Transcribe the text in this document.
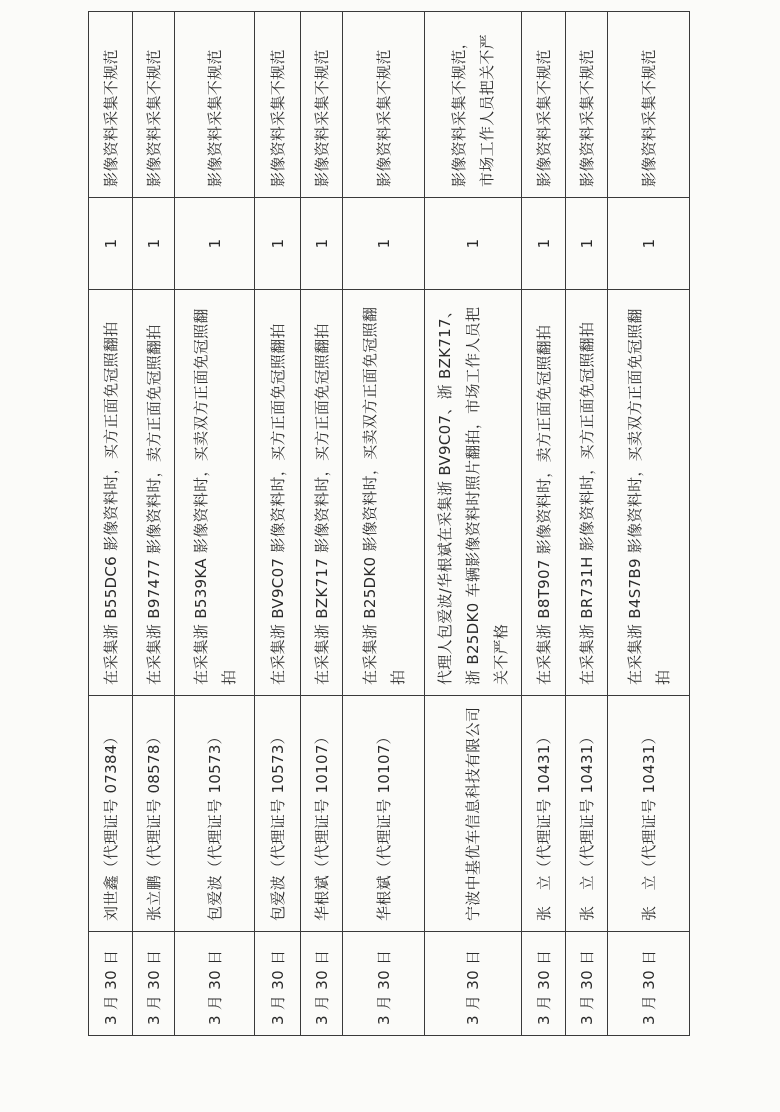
3 月 30 日	刘世鑫（代理证号 07384）	在采集浙 B55DC6 影像资料时，买方正面免冠照翻拍	1	影像资料采集不规范
3 月 30 日	张立鹏（代理证号 08578）	在采集浙 B97477 影像资料时，卖方正面免冠照翻拍	1	影像资料采集不规范
3 月 30 日	包爱波（代理证号 10573）	在采集浙 B539KA 影像资料时，买卖双方正面免冠照翻拍	1	影像资料采集不规范
3 月 30 日	包爱波（代理证号 10573）	在采集浙 BV9C07 影像资料时，买方正面免冠照翻拍	1	影像资料采集不规范
3 月 30 日	华根斌（代理证号 10107）	在采集浙 BZK717 影像资料时，买方正面免冠照翻拍	1	影像资料采集不规范
3 月 30 日	华根斌（代理证号 10107）	在采集浙 B25DK0 影像资料时，买卖双方正面免冠照翻拍	1	影像资料采集不规范
3 月 30 日	宁波中基优车信息科技有限公司	代理人包爱波/华根斌在采集浙 BV9C07、浙 BZK717、浙 B25DK0 车辆影像资料时照片翻拍，市场工作人员把关不严格	1	影像资料采集不规范，市场工作人员把关不严
3 月 30 日	张　立（代理证号 10431）	在采集浙 B8T907 影像资料时，卖方正面免冠照翻拍	1	影像资料采集不规范
3 月 30 日	张　立（代理证号 10431）	在采集浙 BR731H 影像资料时，买方正面免冠照翻拍	1	影像资料采集不规范
3 月 30 日	张　立（代理证号 10431）	在采集浙 B4S7B9 影像资料时，买卖双方正面免冠照翻拍	1	影像资料采集不规范
